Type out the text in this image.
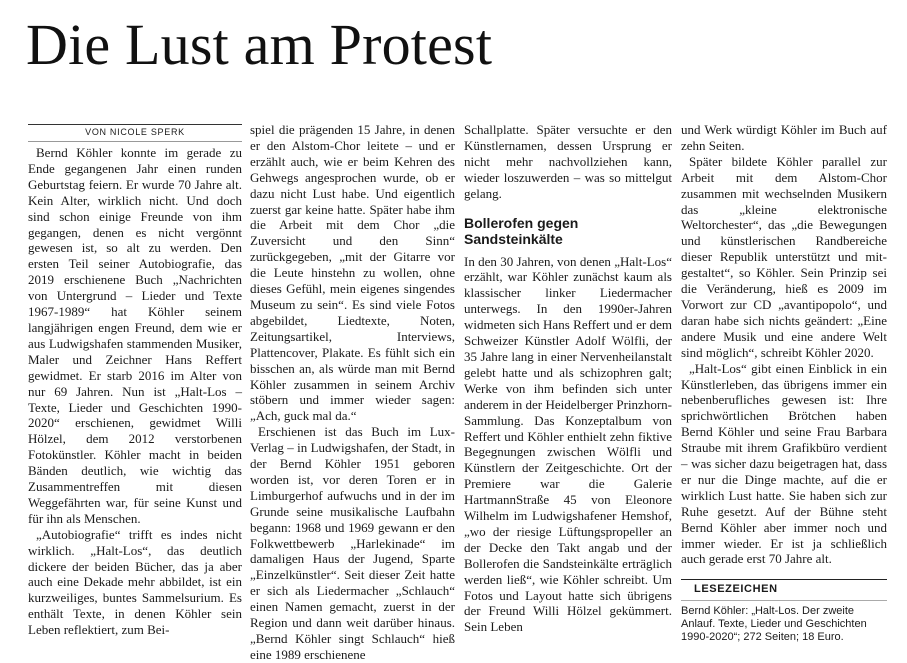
Die Lust am Protest
VON NICOLE SPERK

Bernd Köhler konnte im gerade zu Ende gegangenen Jahr einen runden Geburtstag feiern. Er wurde 70 Jahre alt. Kein Alter, wirklich nicht. Und doch sind schon einige Freunde von ihm gegangen, denen es nicht vergönnt gewesen ist, so alt zu werden. Den ersten Teil seiner Autobiografie, das 2019 erschienene Buch „Nachrichten von Untergrund – Lieder und Texte 1967-1989“ hat Köhler seinem langjährigen engen Freund, dem wie er aus Ludwigshafen stammenden Musiker, Maler und Zeichner Hans Reffert gewidmet. Er starb 2016 im Alter von nur 69 Jahren. Nun ist „Halt-Los – Texte, Lieder und Geschichten 1990-2020“ erschienen, gewidmet Willi Hölzel, dem 2012 verstorbenen Fotokünstler. Köhler macht in beiden Bänden deutlich, wie wichtig das Zusammentreffen mit diesen Weggefährten war, für seine Kunst und für ihn als Menschen.

„Autobiografie“ trifft es indes nicht wirklich. „Halt-Los“, das deutlich dickere der beiden Bücher, das ja aber auch eine Dekade mehr abbildet, ist ein kurzweiliges, buntes Sammelsurium. Es enthält Texte, in denen Köhler sein Leben reflektiert, zum Bei-

spiel die prägenden 15 Jahre, in denen er den Alstom-Chor leitete – und er erzählt auch, wie er beim Kehren des Gehwegs angesprochen wurde, ob er dazu nicht Lust habe. Und eigentlich zuerst gar keine hatte. Später habe ihm die Arbeit mit dem Chor „die Zuversicht und den Sinn“ zurückgegeben, „mit der Gitarre vor die Leute hinstehn zu wollen, ohne dieses Gefühl, mein eigenes singendes Museum zu sein“. Es sind viele Fotos abgebildet, Liedtexte, Noten, Zeitungsartikel, Interviews, Plattencover, Plakate. Es fühlt sich ein bisschen an, als würde man mit Bernd Köhler zusammen in seinem Archiv stöbern und immer wieder sagen: „Ach, guck mal da.“

Erschienen ist das Buch im Lux-Verlag – in Ludwigshafen, der Stadt, in der Bernd Köhler 1951 geboren worden ist, vor deren Toren er in Limburgerhof aufwuchs und in der im Grunde seine musikalische Laufbahn begann: 1968 und 1969 gewann er den Folkwettbewerb „Harlekinade“ im damaligen Haus der Jugend, Sparte „Einzelkünstler“. Seit dieser Zeit hatte er sich als Liedermacher „Schlauch“ einen Namen gemacht, zuerst in der Region und dann weit darüber hinaus. „Bernd Köhler singt Schlauch“ hieß eine 1989 erschienene

Schallplatte. Später versuchte er den Künstlernamen, dessen Ursprung er nicht mehr nachvollziehen kann, wieder loszuwerden – was so mittelgut gelang.

Bollerofen gegen Sandsteinkälte

In den 30 Jahren, von denen „Halt-Los“ erzählt, war Köhler zunächst kaum als klassischer linker Liedermacher unterwegs. In den 1990er-Jahren widmeten sich Hans Reffert und er dem Schweizer Künstler Adolf Wölfli, der 35 Jahre lang in einer Nervenheilanstalt gelebt hatte und als schizophren galt; Werke von ihm befinden sich unter anderem in der Heidelberger Prinzhorn-Sammlung. Das Konzeptalbum von Reffert und Köhler enthielt zehn fiktive Begegnungen zwischen Wölfli und Künstlern der Zeitgeschichte. Ort der Premiere war die Galerie HartmannStraße 45 von Eleonore Wilhelm im Ludwigshafener Hemshof, „wo der riesige Lüftungspropeller an der Decke den Takt angab und der Bollerofen die Sandsteinkälte erträglich werden ließ“, wie Köhler schreibt. Um Fotos und Layout hatte sich übrigens der Freund Willi Hölzel gekümmert. Sein Leben

und Werk würdigt Köhler im Buch auf zehn Seiten.

Später bildete Köhler parallel zur Arbeit mit dem Alstom-Chor zusammen mit wechselnden Musikern das „kleine elektronische Weltorchester“, das „die Bewegungen und künstlerischen Randbereiche dieser Republik unterstützt und mit-gestaltet“, so Köhler. Sein Prinzip sei die Veränderung, hieß es 2009 im Vorwort zur CD „avantipopolo“, und daran habe sich nichts geändert: „Eine andere Musik und eine andere Welt sind möglich“, schreibt Köhler 2020.

„Halt-Los“ gibt einen Einblick in ein Künstlerleben, das übrigens immer ein nebenberufliches gewesen ist: Ihre sprichwörtlichen Brötchen haben Bernd Köhler und seine Frau Barbara Straube mit ihrem Grafikbüro verdient – was sicher dazu beigetragen hat, dass er nur die Dinge machte, auf die er wirklich Lust hatte. Sie haben sich zur Ruhe gesetzt. Auf der Bühne steht Bernd Köhler aber immer noch und immer wieder. Er ist ja schließlich auch gerade erst 70 Jahre alt.

LESEZEICHEN
Bernd Köhler: „Halt-Los. Der zweite Anlauf. Texte, Lieder und Geschichten 1990-2020“; 272 Seiten; 18 Euro.
